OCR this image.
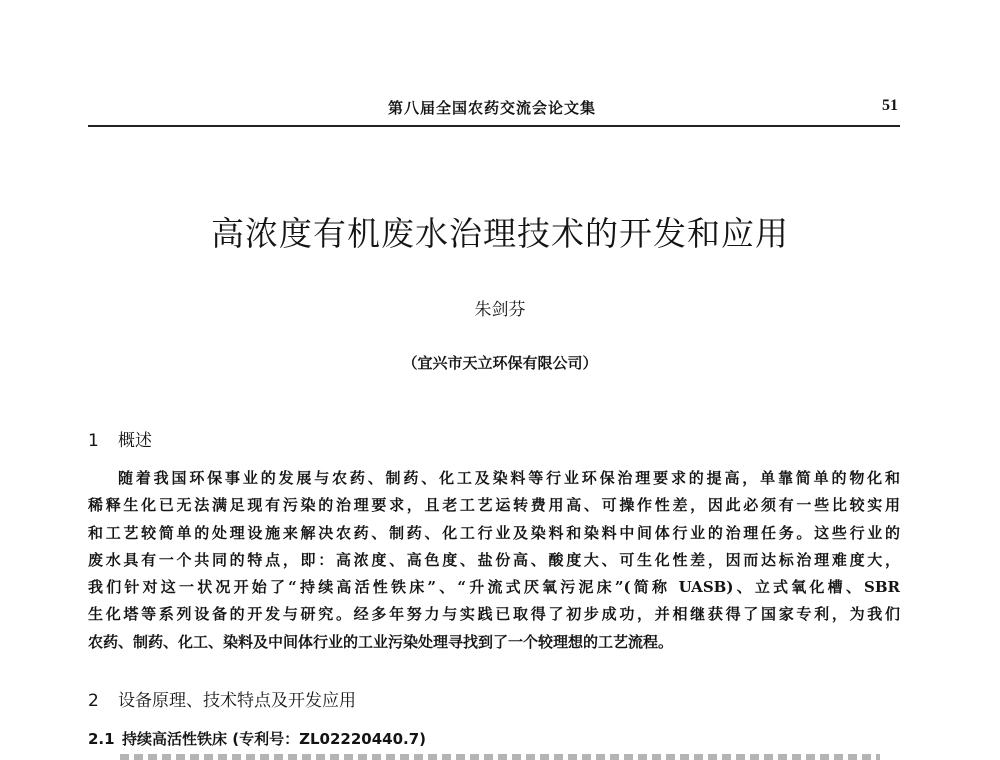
第八届全国农药交流会论文集	51
高浓度有机废水治理技术的开发和应用
朱剑芬
（宜兴市天立环保有限公司）
1 概述
随着我国环保事业的发展与农药、制药、化工及染料等行业环保治理要求的提高，单靠简单的物化和
稀释生化已无法满足现有污染的治理要求，且老工艺运转费用高、可操作性差，因此必须有一些比较实用
和工艺较简单的处理设施来解决农药、制药、化工行业及染料和染料中间体行业的治理任务。这些行业的
废水具有一个共同的特点，即：高浓度、高色度、盐份高、酸度大、可生化性差，因而达标治理难度大，
我们针对这一状况开始了“持续高活性铁床”、“升流式厌氧污泥床”(简称 UASB)、立式氧化槽、SBR
生化塔等系列设备的开发与研究。经多年努力与实践已取得了初步成功，并相继获得了国家专利，为我们
农药、制药、化工、染料及中间体行业的工业污染处理寻找到了一个较理想的工艺流程。
2 设备原理、技术特点及开发应用
2.1 持续高活性铁床 (专利号：ZL02220440.7)
